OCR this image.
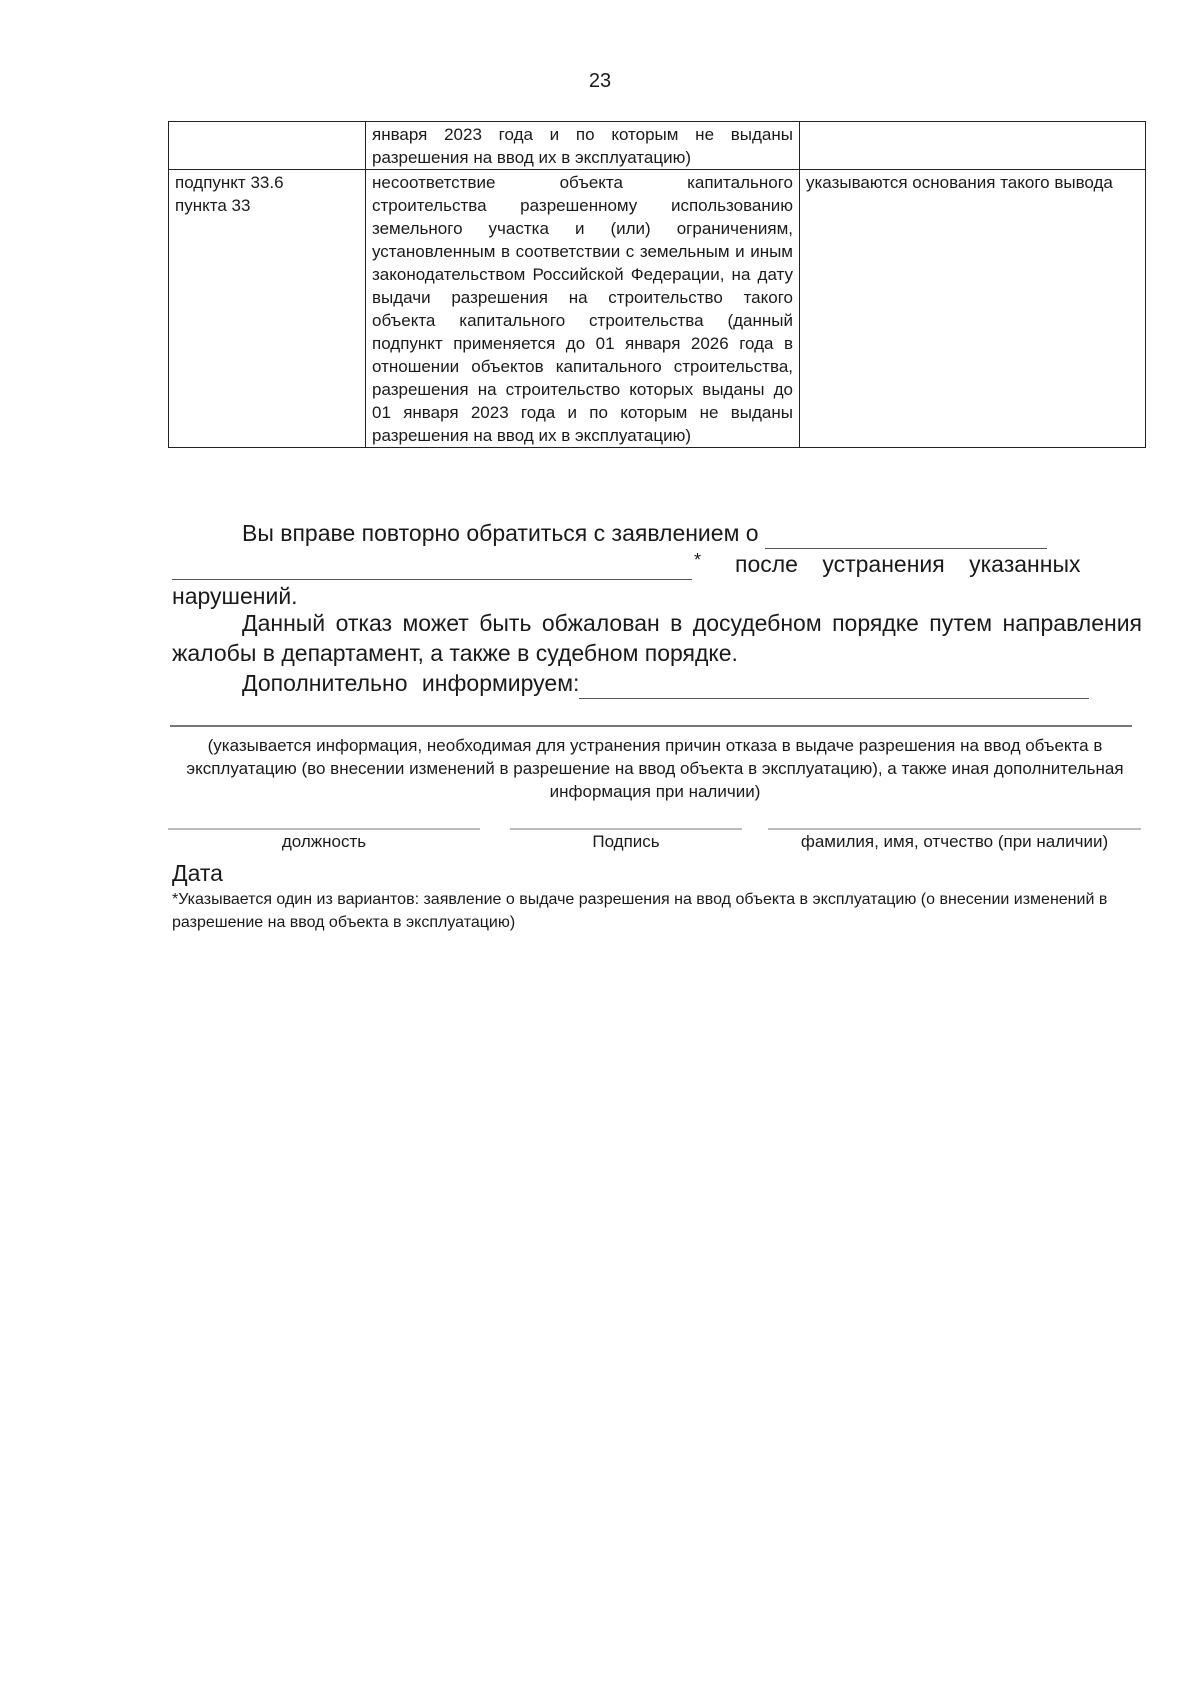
23
	января 2023 года и по которым не выданы разрешения на ввод их в эксплуатацию)	
подпункт 33.6 пункта 33	несоответствие объекта капитального строительства разрешенному использованию земельного участка и (или) ограничениям, установленным в соответствии с земельным и иным законодательством Российской Федерации, на дату выдачи разрешения на строительство такого объекта капитального строительства (данный подпункт применяется до 01 января 2026 года в отношении объектов капитального строительства, разрешения на строительство которых выданы до 01 января 2023 года и по которым не выданы разрешения на ввод их в эксплуатацию)	указываются основания такого вывода
Вы вправе повторно обратиться с заявлением о

* после устранения указанных
нарушений.
Данный отказ может быть обжалован в досудебном порядке путем направления жалобы в департамент, а также в судебном порядке.
Дополнительно информируем:
(указывается информация, необходимая для устранения причин отказа в выдаче разрешения на ввод объекта в эксплуатацию (во внесении изменений в разрешение на ввод объекта в эксплуатацию), а также иная дополнительная информация при наличии)
должность	Подпись	фамилия, имя, отчество (при наличии)
Дата
*Указывается один из вариантов: заявление о выдаче разрешения на ввод объекта в эксплуатацию (о внесении изменений в разрешение на ввод объекта в эксплуатацию)
